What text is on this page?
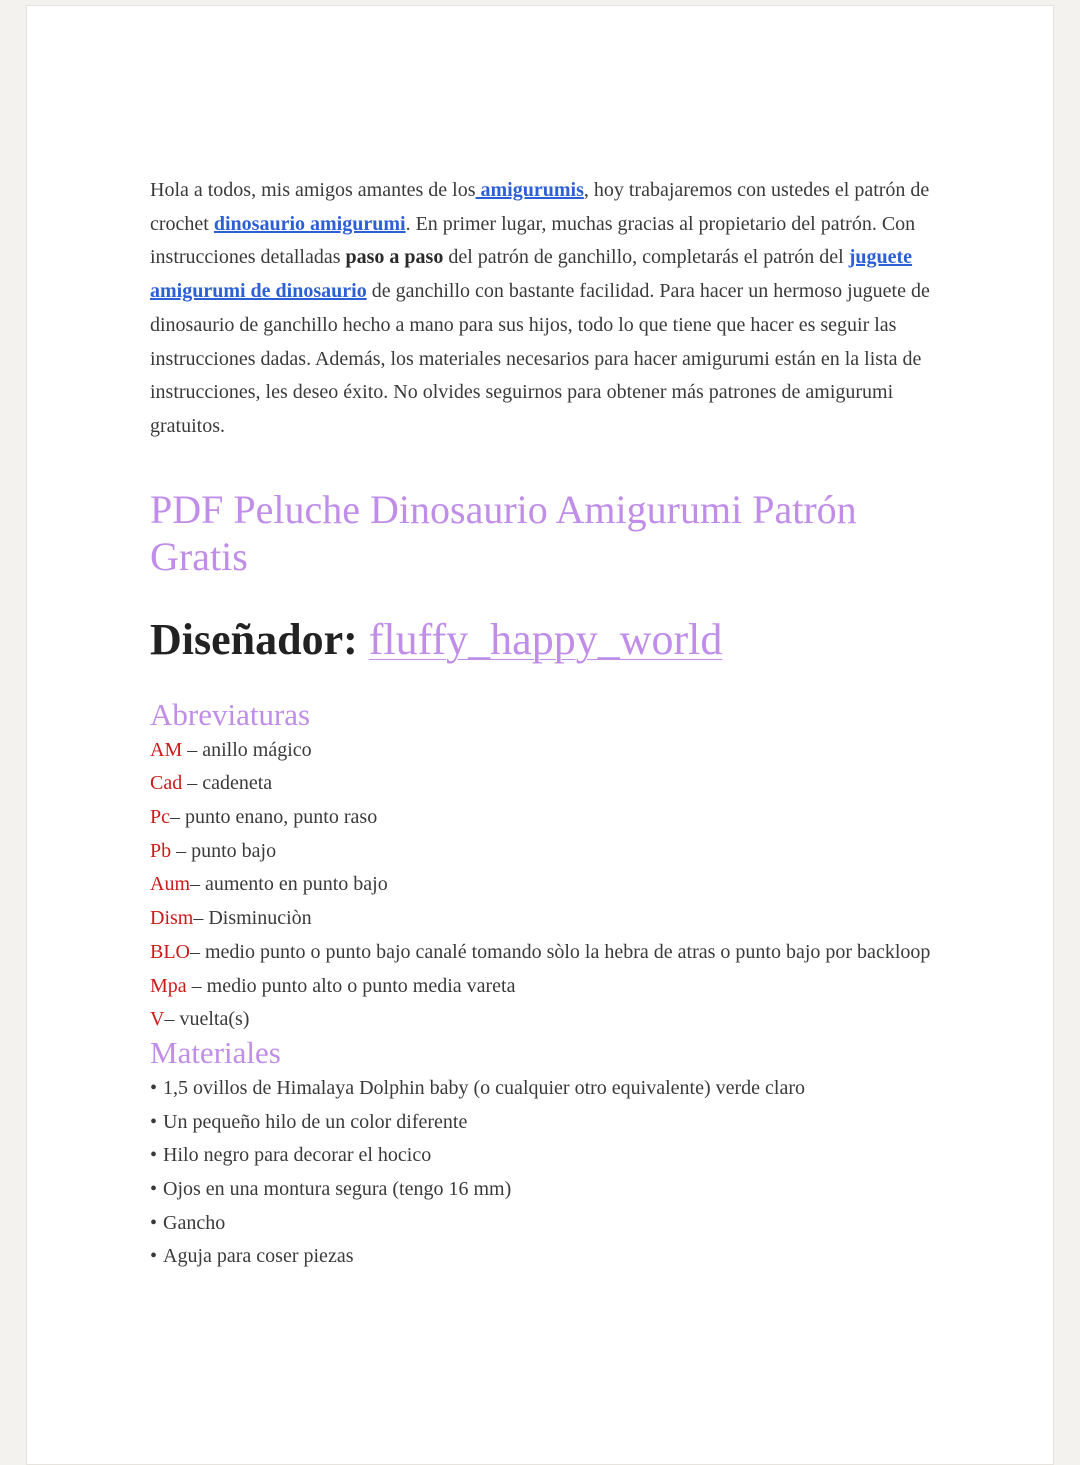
Hola a todos, mis amigos amantes de los amigurumis, hoy trabajaremos con ustedes el patrón de crochet dinosaurio amigurumi. En primer lugar, muchas gracias al propietario del patrón. Con instrucciones detalladas paso a paso del patrón de ganchillo, completarás el patrón del juguete amigurumi de dinosaurio de ganchillo con bastante facilidad. Para hacer un hermoso juguete de dinosaurio de ganchillo hecho a mano para sus hijos, todo lo que tiene que hacer es seguir las instrucciones dadas. Además, los materiales necesarios para hacer amigurumi están en la lista de instrucciones, les deseo éxito. No olvides seguirnos para obtener más patrones de amigurumi gratuitos.

PDF Peluche Dinosaurio Amigurumi Patrón Gratis
Diseñador: fluffy_happy_world
Abreviaturas
AM – anillo mágico
Cad – cadeneta
Pc– punto enano, punto raso
Pb – punto bajo
Aum– aumento en punto bajo
Dism– Disminuciòn
BLO– medio punto o punto bajo canalé tomando sòlo la hebra de atras o punto bajo por backloop
Mpa – medio punto alto o punto media vareta
V– vuelta(s)
Materiales
• 1,5 ovillos de Himalaya Dolphin baby (o cualquier otro equivalente) verde claro
• Un pequeño hilo de un color diferente
• Hilo negro para decorar el hocico
• Ojos en una montura segura (tengo 16 mm)
• Gancho
• Aguja para coser piezas
